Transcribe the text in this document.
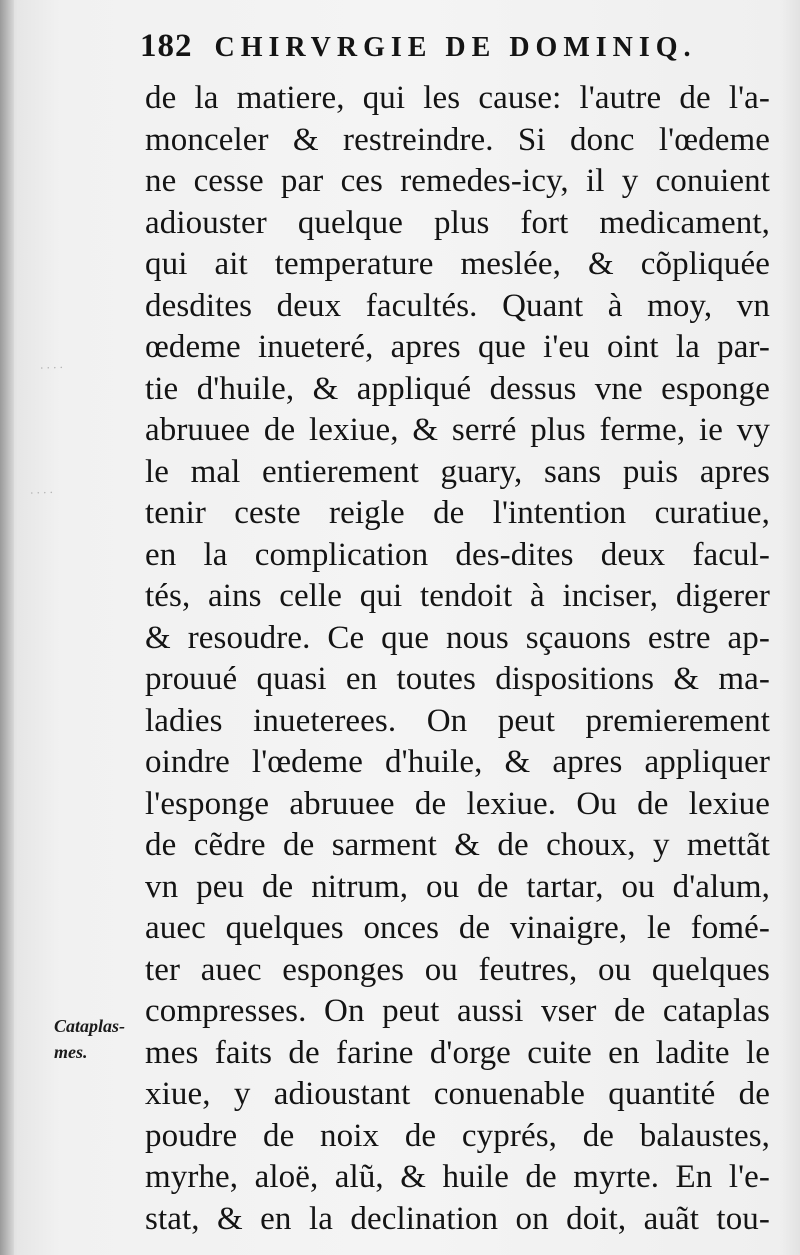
· · · ·
· · · ·
182 CHIRVRGIE DE DOMINIQ.
de la matiere, qui les cause: l'autre de l'a-
monceler & restreindre. Si donc l'œdeme
ne cesse par ces remedes-icy, il y conuient
adiouster quelque plus fort medicament,
qui ait temperature meslée, & cõpliquée
desdites deux facultés. Quant à moy, vn
œdeme inueteré, apres que i'eu oint la par-
tie d'huile, & appliqué dessus vne esponge
abruuee de lexiue, & serré plus ferme, ie vy
le mal entierement guary, sans puis apres
tenir ceste reigle de l'intention curatiue,
en la complication des-dites deux facul-
tés, ains celle qui tendoit à inciser, digerer
& resoudre. Ce que nous sçauons estre ap-
prouué quasi en toutes dispositions & ma-
ladies inueterees. On peut premierement
oindre l'œdeme d'huile, & apres appliquer
l'esponge abruuee de lexiue. Ou de lexiue
de cẽdre de sarment & de choux, y mettãt
vn peu de nitrum, ou de tartar, ou d'alum,
auec quelques onces de vinaigre, le fomé-
ter auec esponges ou feutres, ou quelques
compresses. On peut aussi vser de cataplas
mes faits de farine d'orge cuite en ladite le
xiue, y adioustant conuenable quantité de
poudre de noix de cyprés, de balaustes,
myrhe, aloë, alũ, & huile de myrte. En l'e-
stat, & en la declination on doit, auãt tou-
Cataplas-
mes.
